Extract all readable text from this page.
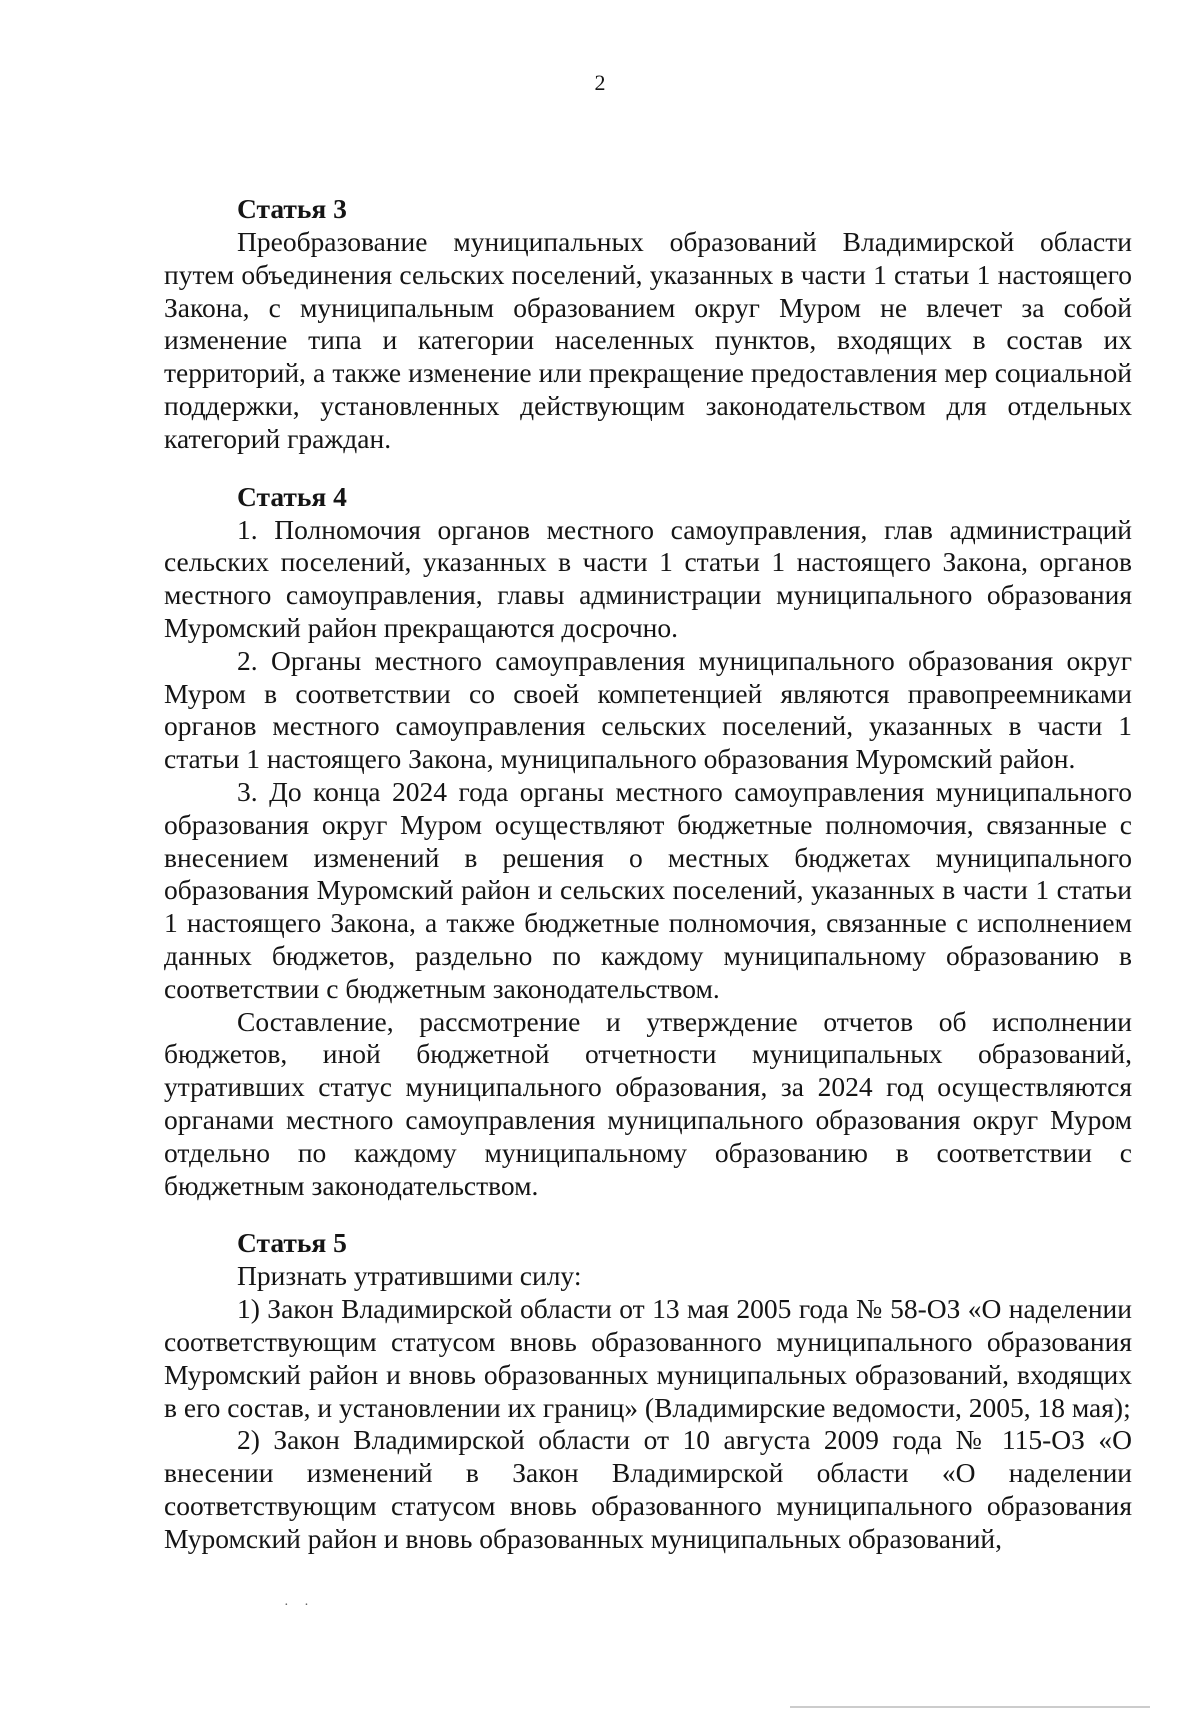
2
Статья 3

Преобразование муниципальных образований Владимирской области путем объединения сельских поселений, указанных в части 1 статьи 1 настоящего Закона, с муниципальным образованием округ Муром не влечет за собой изменение типа и категории населенных пунктов, входящих в состав их территорий, а также изменение или прекращение предоставления мер социальной поддержки, установленных действующим законодательством для отдельных категорий граждан.

Статья 4

1. Полномочия органов местного самоуправления, глав администраций сельских поселений, указанных в части 1 статьи 1 настоящего Закона, органов местного самоуправления, главы администрации муниципального образования Муромский район прекращаются досрочно.

2. Органы местного самоуправления муниципального образования округ Муром в соответствии со своей компетенцией являются правопреемниками органов местного самоуправления сельских поселений, указанных в части 1 статьи 1 настоящего Закона, муниципального образования Муромский район.

3. До конца 2024 года органы местного самоуправления муниципального образования округ Муром осуществляют бюджетные полномочия, связанные с внесением изменений в решения о местных бюджетах муниципального образования Муромский район и сельских поселений, указанных в части 1 статьи 1 настоящего Закона, а также бюджетные полномочия, связанные с исполнением данных бюджетов, раздельно по каждому муниципальному образованию в соответствии с бюджетным законодательством.

Составление, рассмотрение и утверждение отчетов об исполнении бюджетов, иной бюджетной отчетности муниципальных образований, утративших статус муниципального образования, за 2024 год осуществляются органами местного самоуправления муниципального образования округ Муром отдельно по каждому муниципальному образованию в соответствии с бюджетным законодательством.

Статья 5

Признать утратившими силу:

1) Закон Владимирской области от 13 мая 2005 года № 58-ОЗ «О наделении соответствующим статусом вновь образованного муниципального образования Муромский район и вновь образованных муниципальных образований, входящих в его состав, и установлении их границ» (Владимирские ведомости, 2005, 18 мая);

2) Закон Владимирской области от 10 августа 2009 года № 115-ОЗ «О внесении изменений в Закон Владимирской области «О наделении соответствующим статусом вновь образованного муниципального образования Муромский район и вновь образованных муниципальных образований,

· ·
